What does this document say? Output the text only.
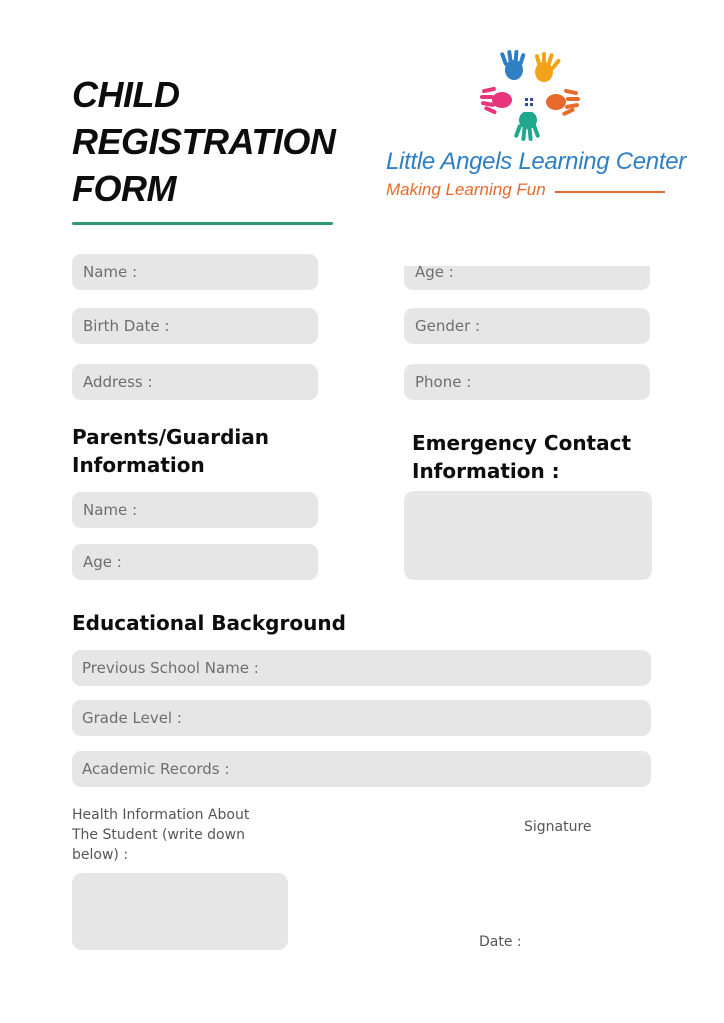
CHILD
REGISTRATION
FORM
Little Angels Learning Center
Making Learning Fun
Name :	Age :
Birth Date :	Gender :
Address :	Phone :
Parents/Guardian
Information
Name :
Age :
Emergency Contact
Information :
Educational Background
Previous School Name :
Grade Level :
Academic Records :
Health Information About
The Student (write down
below) :
Signature
Date :
